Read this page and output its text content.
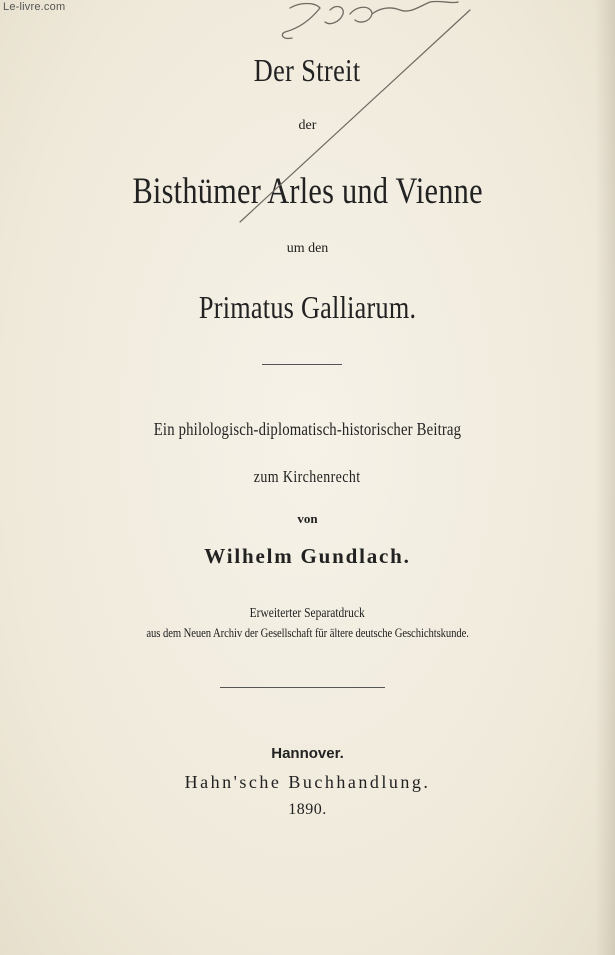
Le-livre.com
Der Streit
der
Bisthümer Arles und Vienne
um den
Primatus Galliarum.
Ein philologisch-diplomatisch-historischer Beitrag
zum Kirchenrecht
von
Wilhelm Gundlach.
Erweiterter Separatdruck
aus dem Neuen Archiv der Gesellschaft für ältere deutsche Geschichtskunde.
Hannover.
Hahn'sche Buchhandlung.
1890.
